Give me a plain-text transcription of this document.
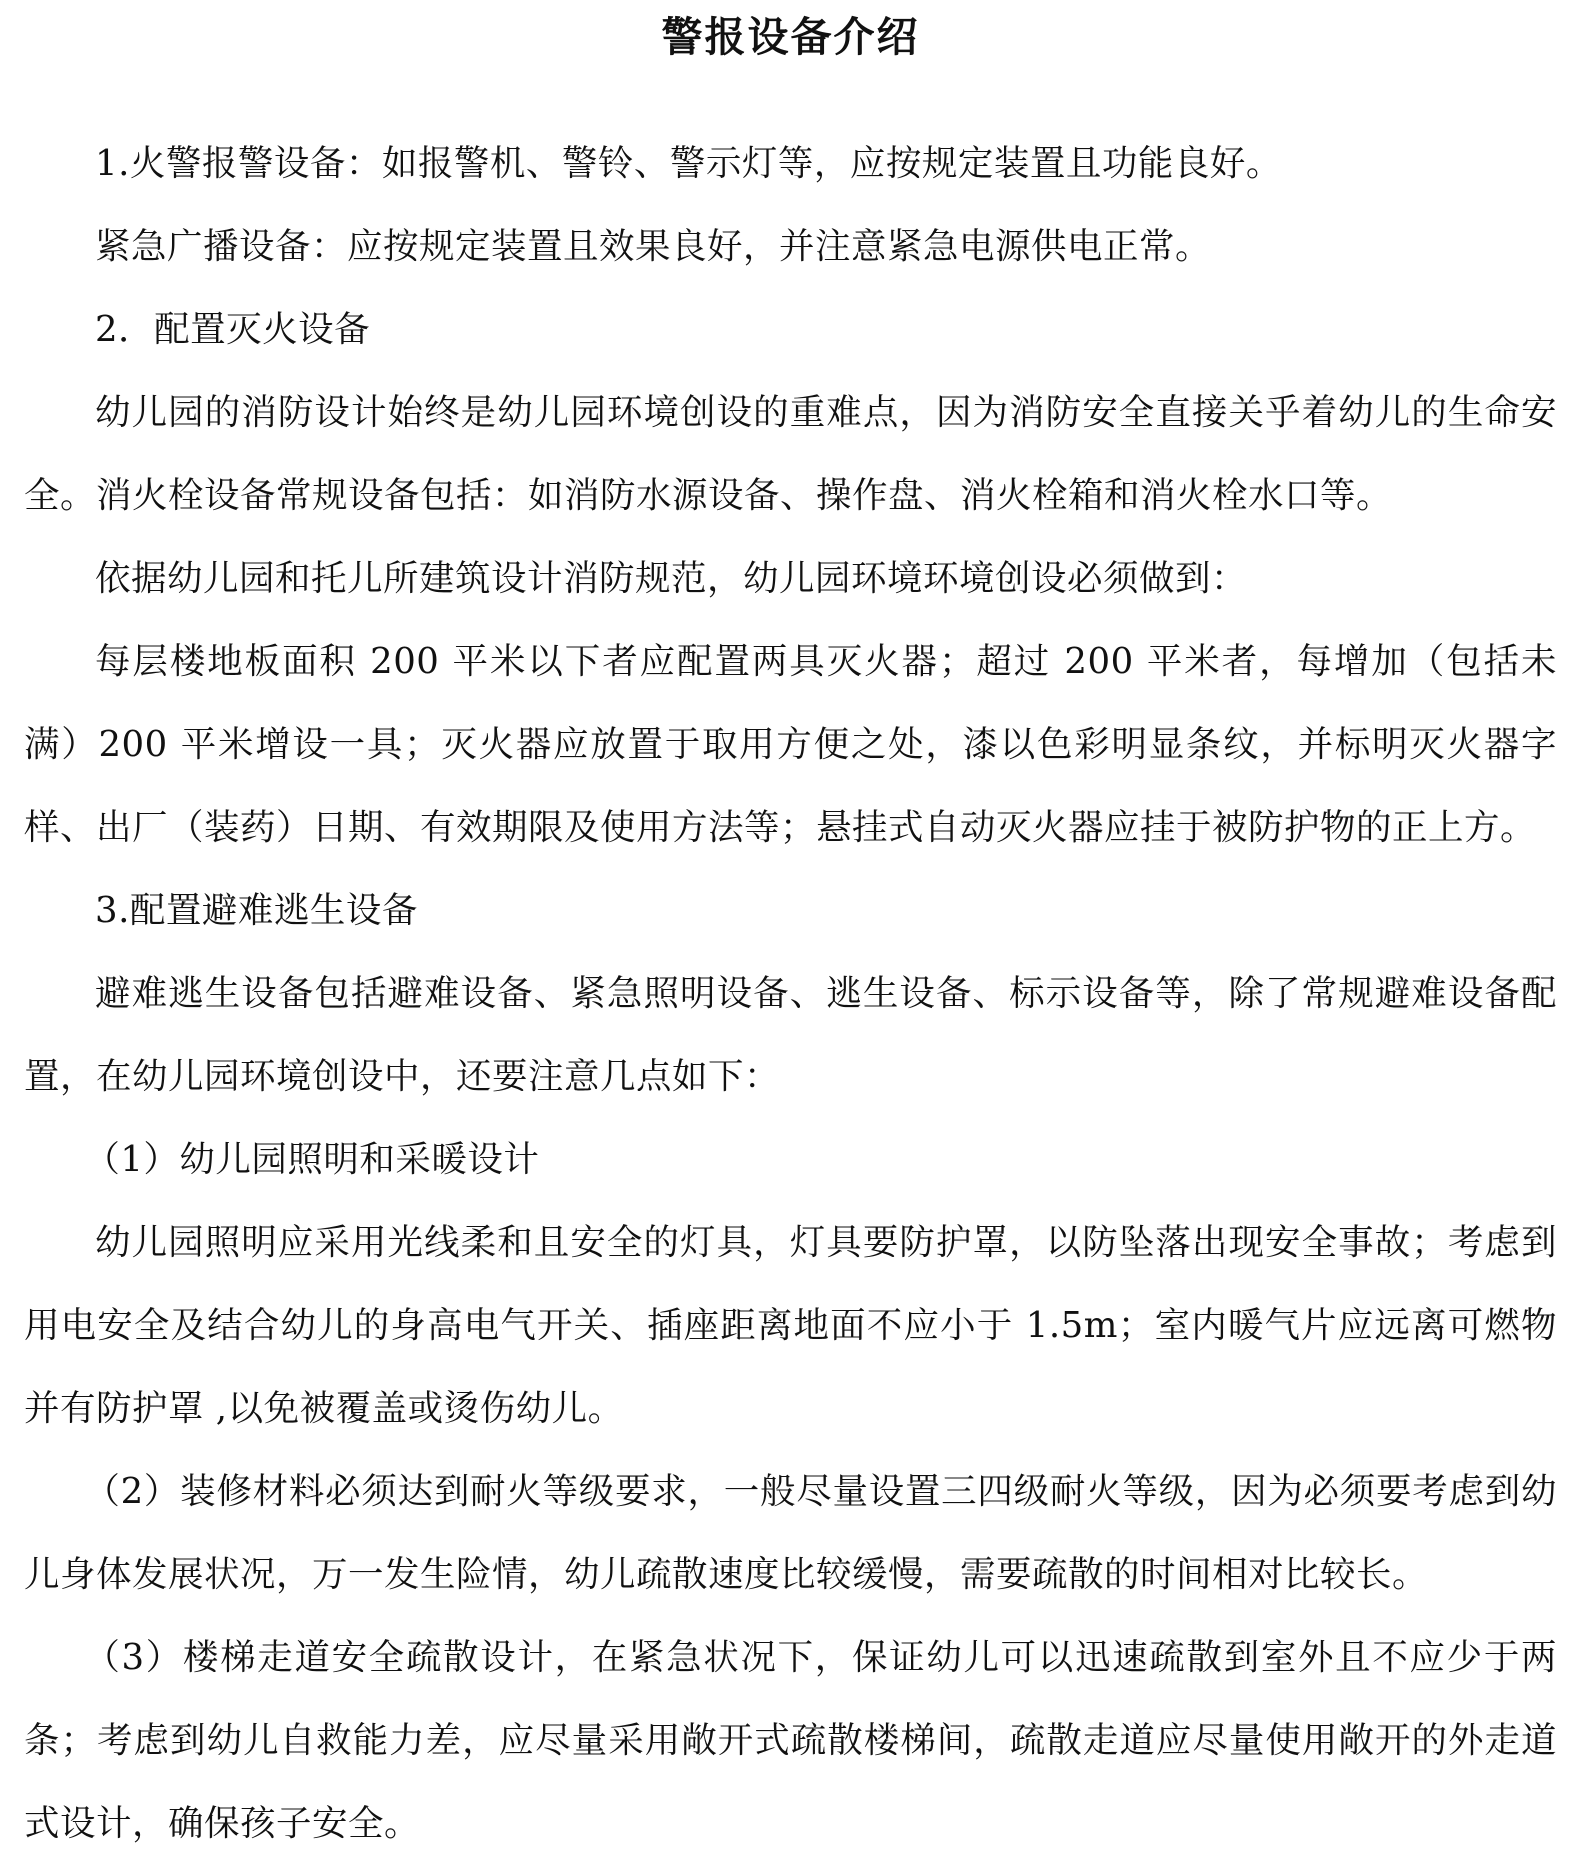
警报设备介绍

1.火警报警设备：如报警机、警铃、警示灯等，应按规定装置且功能良好。

紧急广播设备：应按规定装置且效果良好，并注意紧急电源供电正常。

2．配置灭火设备

幼儿园的消防设计始终是幼儿园环境创设的重难点，因为消防安全直接关乎着幼儿的生命安全。消火栓设备常规设备包括：如消防水源设备、操作盘、消火栓箱和消火栓水口等。

依据幼儿园和托儿所建筑设计消防规范，幼儿园环境环境创设必须做到：

每层楼地板面积 200 平米以下者应配置两具灭火器；超过 200 平米者，每增加（包括未满）200 平米增设一具；灭火器应放置于取用方便之处，漆以色彩明显条纹，并标明灭火器字样、出厂（装药）日期、有效期限及使用方法等；悬挂式自动灭火器应挂于被防护物的正上方。

3.配置避难逃生设备

避难逃生设备包括避难设备、紧急照明设备、逃生设备、标示设备等，除了常规避难设备配置，在幼儿园环境创设中，还要注意几点如下：

（1）幼儿园照明和采暖设计

幼儿园照明应采用光线柔和且安全的灯具，灯具要防护罩，以防坠落出现安全事故；考虑到用电安全及结合幼儿的身高电气开关、插座距离地面不应小于 1.5m；室内暖气片应远离可燃物并有防护罩 ,以免被覆盖或烫伤幼儿。

（2）装修材料必须达到耐火等级要求，一般尽量设置三四级耐火等级，因为必须要考虑到幼儿身体发展状况，万一发生险情，幼儿疏散速度比较缓慢，需要疏散的时间相对比较长。

（3）楼梯走道安全疏散设计，在紧急状况下，保证幼儿可以迅速疏散到室外且不应少于两条；考虑到幼儿自救能力差，应尽量采用敞开式疏散楼梯间，疏散走道应尽量使用敞开的外走道式设计，确保孩子安全。
